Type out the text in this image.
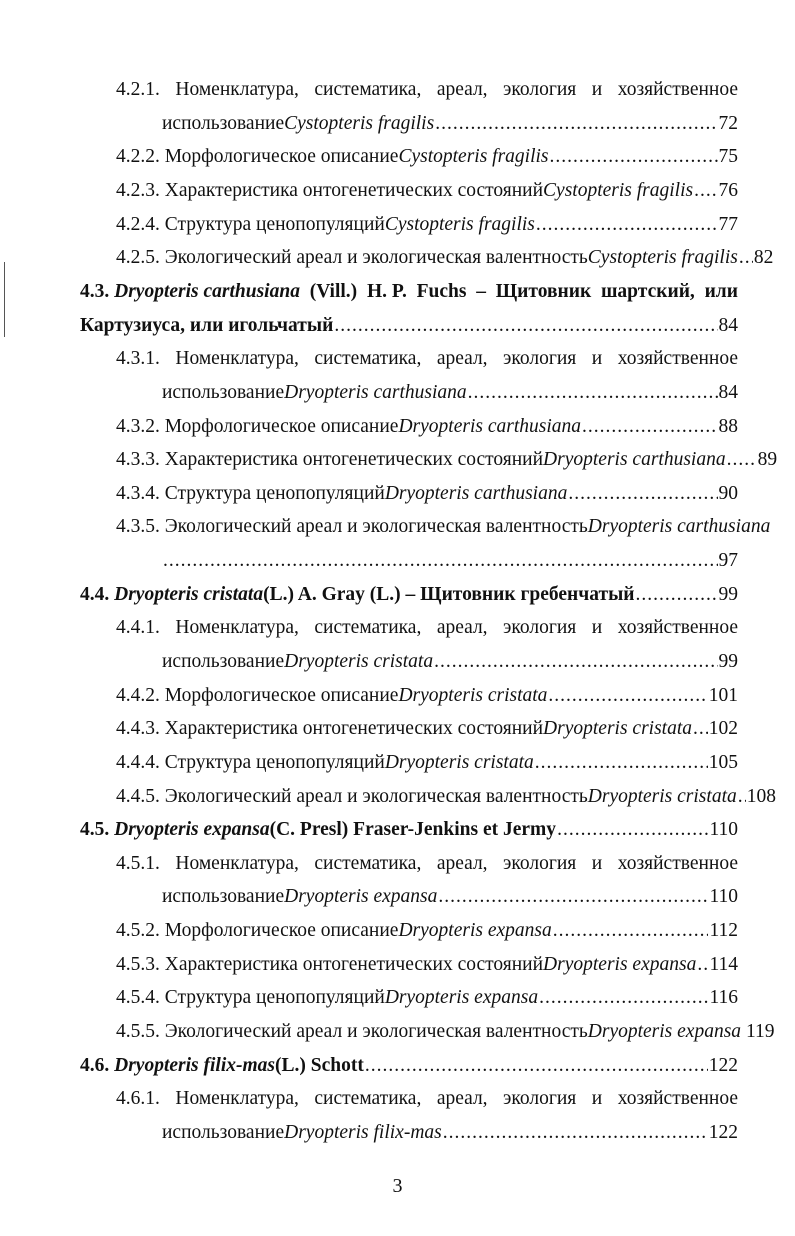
4.2.1. Номенклатура, систематика, ареал, экология и хозяйственное
использование Cystopteris fragilis .....	72
4.2.2.
Морфологическое описание Cystopteris fragilis .....	75
4.2.3.
Характеристика онтогенетических состояний Cystopteris fragilis ..... 76
4.2.4.
Структура ценопопуляций Cystopteris fragilis .....	77
4.2.5.
Экологический ареал и экологическая валентность Cystopteris fragilis ..... 82
4.3. Dryopteris carthusiana (Vill.) H. P. Fuchs – Щитовник шартский, или
Картузиуса, или игольчатый .....	84
4.3.1. Номенклатура, систематика, ареал, экология и хозяйственное
использование Dryopteris carthusiana .....	84
4.3.2.
Морфологическое описание Dryopteris carthusiana .....	88
4.3.3.
Характеристика онтогенетических состояний Dryopteris carthusiana ..... 89
4.3.4.
Структура ценопопуляций Dryopteris carthusiana .....	90
4.3.5.
Экологический ареал и экологическая валентность Dryopteris carthusiana
.....
97
4.4.
Dryopteris cristata (L.) A. Gray (L.) – Щитовник гребенчатый .....	99
4.4.1. Номенклатура, систематика, ареал, экология и хозяйственное
использование Dryopteris cristata .....	99
4.4.2.
Морфологическое описание Dryopteris cristata .....	101
4.4.3.
Характеристика онтогенетических состояний Dryopteris cristata ..... 102
4.4.4.
Структура ценопопуляций Dryopteris cristata .....	105
4.4.5.
Экологический ареал и экологическая валентность Dryopteris cristata ..... 108
4.5.
Dryopteris expansa (C. Presl) Fraser-Jenkins et Jermy .....	110
4.5.1. Номенклатура, систематика, ареал, экология и хозяйственное
использование Dryopteris expansa .....	110
4.5.2.
Морфологическое описание Dryopteris expansa .....	112
4.5.3.
Характеристика онтогенетических состояний Dryopteris expansa ..... 114
4.5.4.
Структура ценопопуляций Dryopteris expansa .....	116
4.5.5.
Экологический ареал и экологическая валентность Dryopteris expansa
119
4.6.
Dryopteris filix-mas (L.) Schott .....	122
4.6.1. Номенклатура, систематика, ареал, экология и хозяйственное
использование Dryopteris filix-mas .....	122
3
